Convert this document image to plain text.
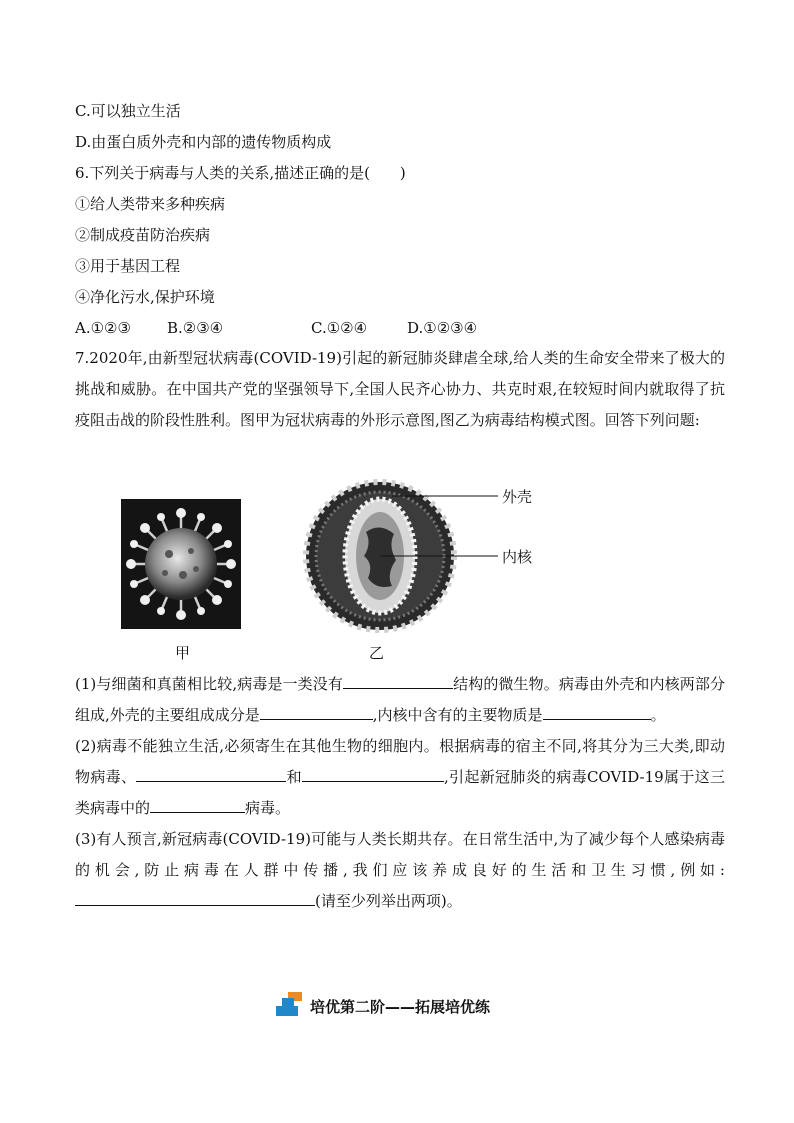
C.可以独立生活
D.由蛋白质外壳和内部的遗传物质构成
6.下列关于病毒与人类的关系,描述正确的是(　　)
①给人类带来多种疾病
②制成疫苗防治疾病
③用于基因工程
④净化污水,保护环境
A.①②③ B.②③④	C.①②④	D.①②③④
7.2020年,由新型冠状病毒(COVID-19)引起的新冠肺炎肆虐全球,给人类的生命安全带来了极大的挑战和威胁。在中国共产党的坚强领导下,全国人民齐心协力、共克时艰,在较短时间内就取得了抗疫阻击战的阶段性胜利。图甲为冠状病毒的外形示意图,图乙为病毒结构模式图。回答下列问题:
外壳
内核
甲	乙
(1)与细菌和真菌相比较,病毒是一类没有	结构的微生物。病毒由外壳和内核两部分组成,外壳的主要组成成分是	,内核中含有的主要物质是	。
(2)病毒不能独立生活,必须寄生在其他生物的细胞内。根据病毒的宿主不同,将其分为三大类,即动物病毒、	和	,引起新冠肺炎的病毒COVID-19属于这三类病毒中的	病毒。
(3)有人预言,新冠病毒(COVID-19)可能与人类长期共存。在日常生活中,为了减少每个人感染病毒的机会,防止病毒在人群中传播,我们应该养成良好的生活和卫生习惯,例如:(请至少列举出两项)。
培优第二阶——拓展培优练
